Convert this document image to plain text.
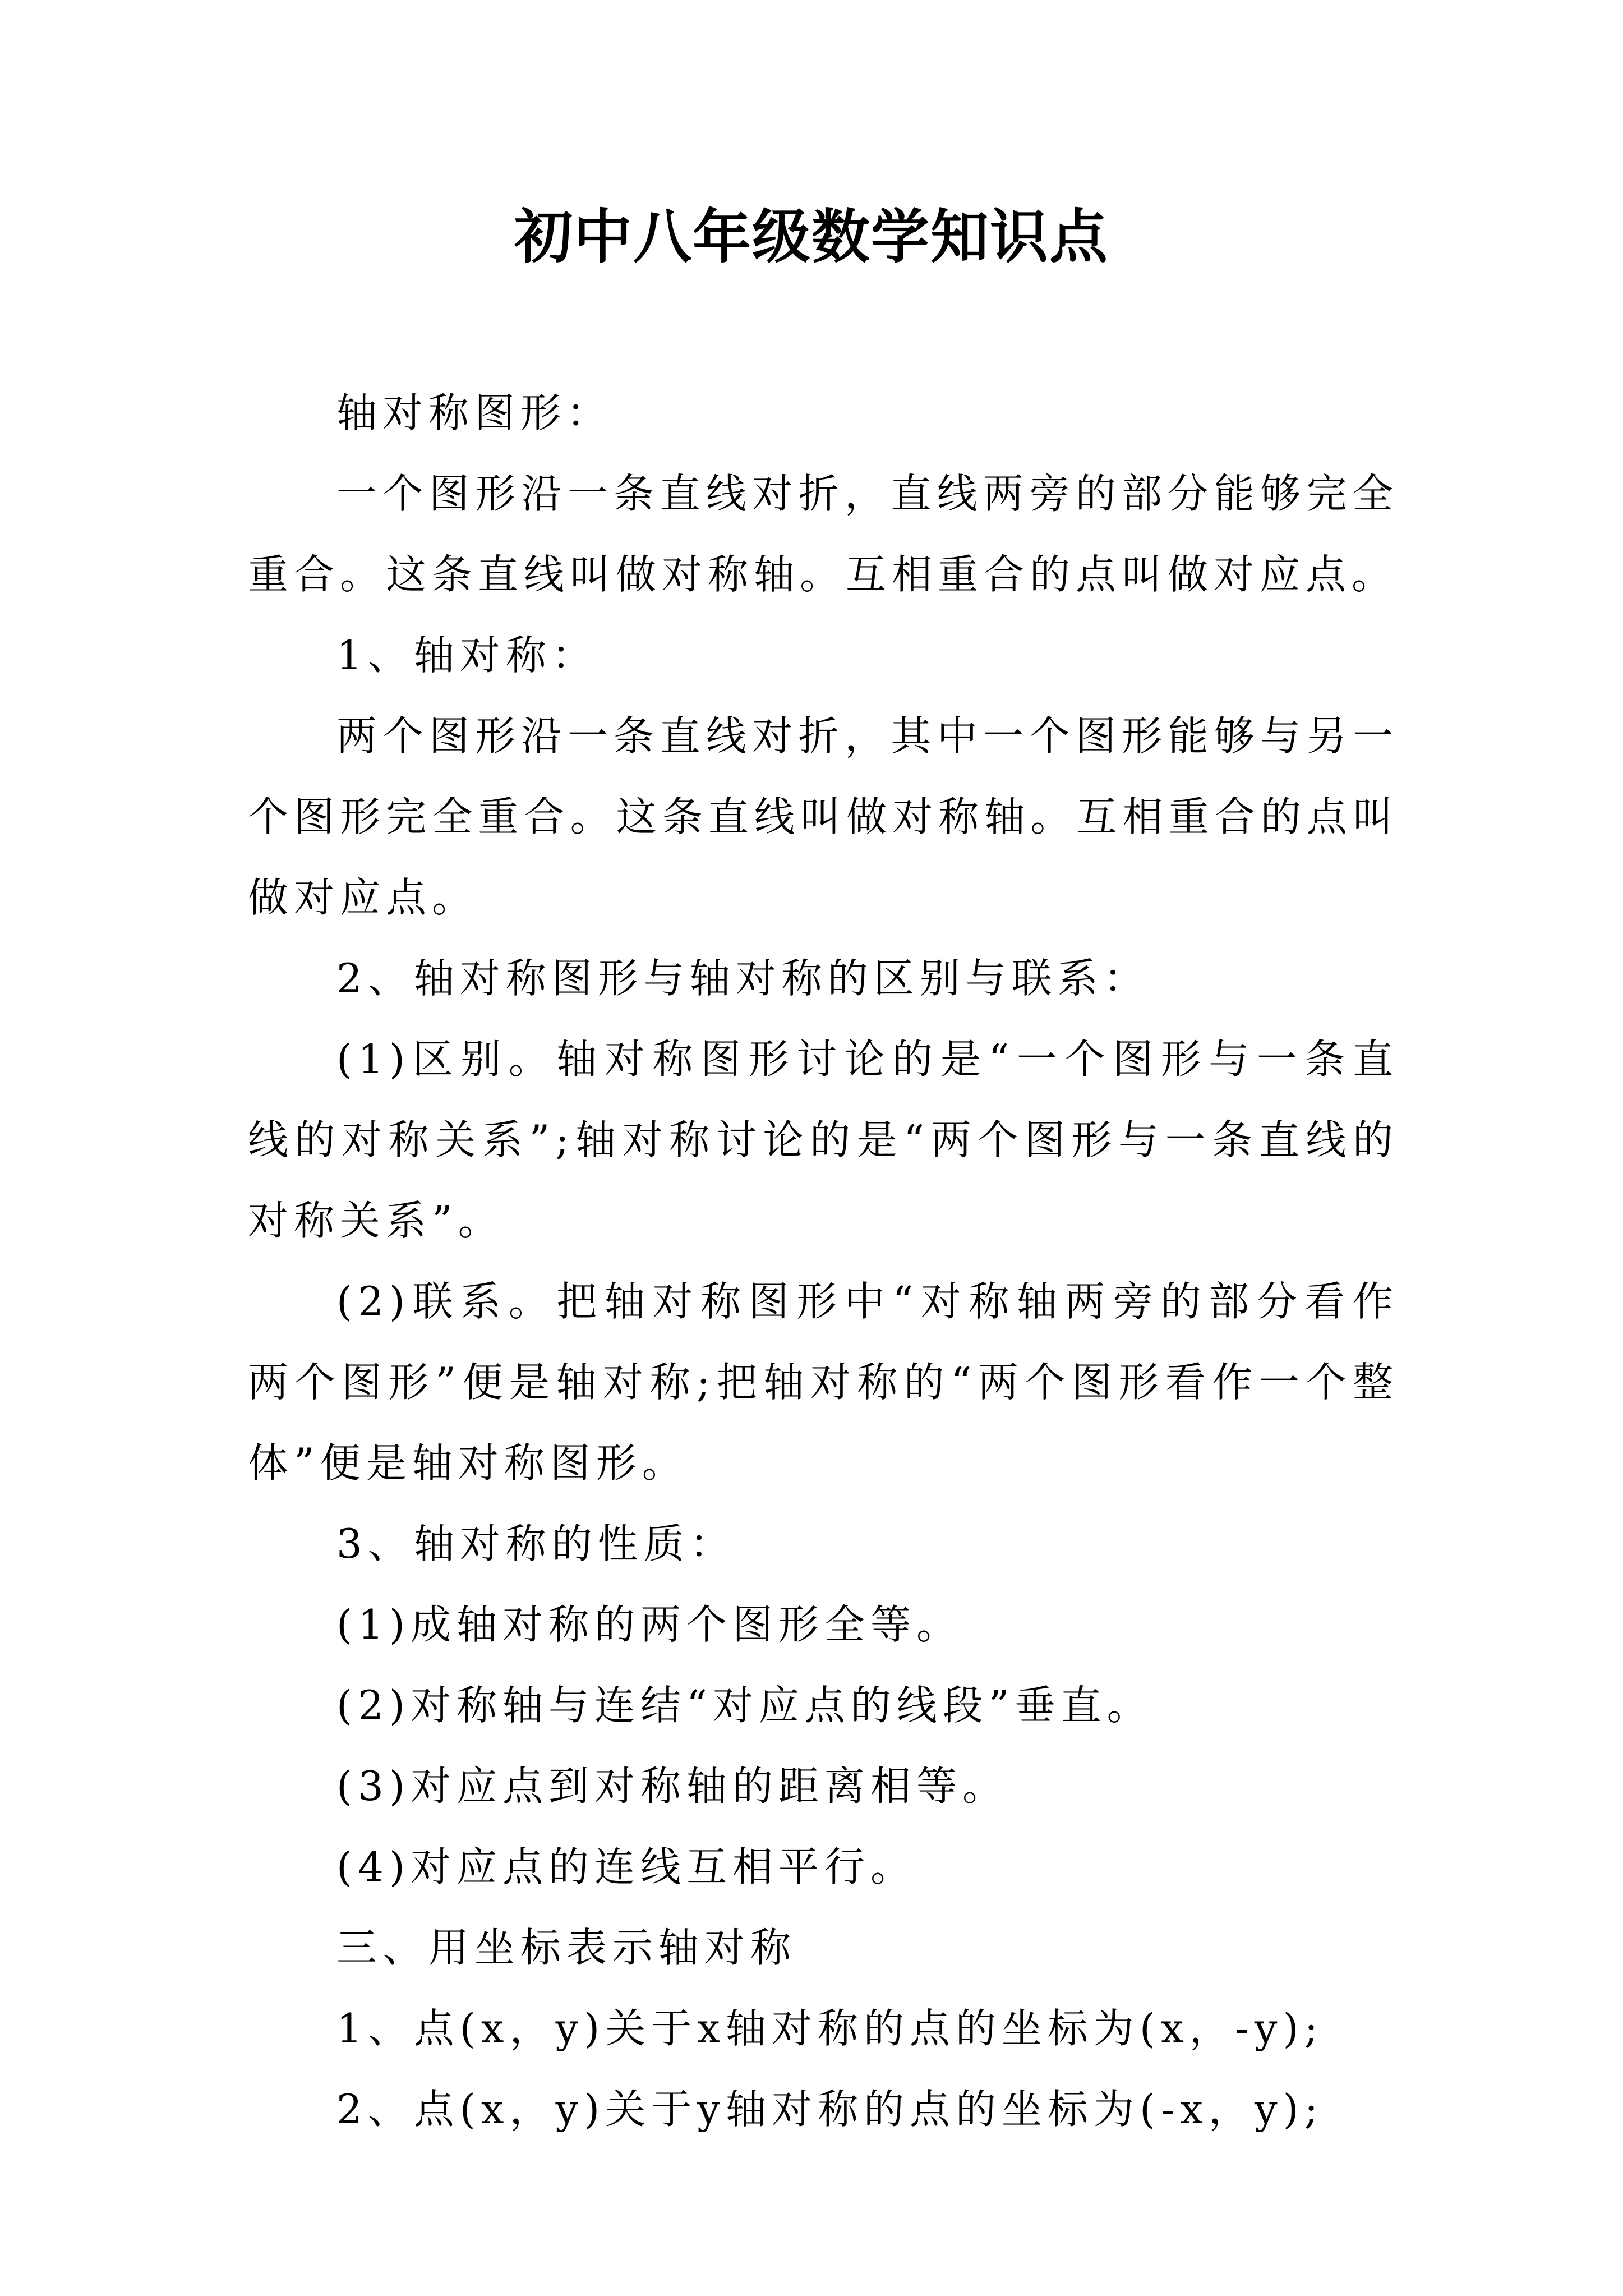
初中八年级数学知识点

轴对称图形：

一个图形沿一条直线对折，直线两旁的部分能够完全重合。这条直线叫做对称轴。互相重合的点叫做对应点。

1、轴对称：

两个图形沿一条直线对折，其中一个图形能够与另一个图形完全重合。这条直线叫做对称轴。互相重合的点叫做对应点。

2、轴对称图形与轴对称的区别与联系：

(1)区别。轴对称图形讨论的是“一个图形与一条直线的对称关系”;轴对称讨论的是“两个图形与一条直线的对称关系”。

(2)联系。把轴对称图形中“对称轴两旁的部分看作两个图形”便是轴对称;把轴对称的“两个图形看作一个整体”便是轴对称图形。

3、轴对称的性质：

(1)成轴对称的两个图形全等。

(2)对称轴与连结“对应点的线段”垂直。

(3)对应点到对称轴的距离相等。

(4)对应点的连线互相平行。

三、用坐标表示轴对称

1、点(x，y)关于x轴对称的点的坐标为(x，-y);

2、点(x，y)关于y轴对称的点的坐标为(-x，y);
